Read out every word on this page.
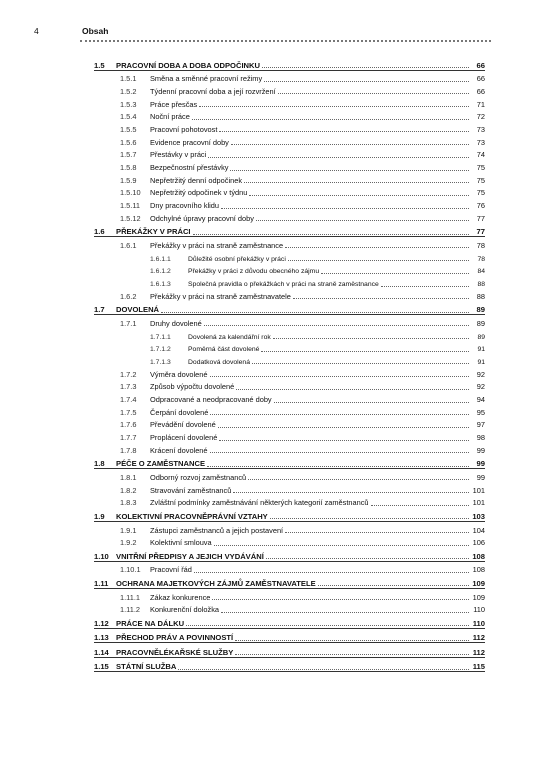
4	Obsah
1.5	PRACOVNÍ DOBA A DOBA ODPOČINKU	66
1.5.1	Směna a směnné pracovní režimy	66
1.5.2	Týdenní pracovní doba a její rozvržení	66
1.5.3	Práce přesčas	71
1.5.4	Noční práce	72
1.5.5	Pracovní pohotovost	73
1.5.6	Evidence pracovní doby	73
1.5.7	Přestávky v práci	74
1.5.8	Bezpečnostní přestávky	75
1.5.9	Nepřetržitý denní odpočinek	75
1.5.10	Nepřetržitý odpočinek v týdnu	75
1.5.11	Dny pracovního klidu	76
1.5.12	Odchylné úpravy pracovní doby	77
1.6	PŘEKÁŽKY V PRÁCI	77
1.6.1	Překážky v práci na straně zaměstnance	78
1.6.1.1	Důležité osobní překážky v práci	78
1.6.1.2	Překážky v práci z důvodu obecného zájmu	84
1.6.1.3	Společná pravidla o překážkách v práci na straně zaměstnance	88
1.6.2	Překážky v práci na straně zaměstnavatele	88
1.7	DOVOLENÁ	89
1.7.1	Druhy dovolené	89
1.7.1.1	Dovolená za kalendářní rok	89
1.7.1.2	Poměrná část dovolené	91
1.7.1.3	Dodatková dovolená	91
1.7.2	Výměra dovolené	92
1.7.3	Způsob výpočtu dovolené	92
1.7.4	Odpracované a neodpracované doby	94
1.7.5	Čerpání dovolené	95
1.7.6	Převádění dovolené	97
1.7.7	Proplácení dovolené	98
1.7.8	Krácení dovolené	99
1.8	PÉČE O ZAMĚSTNANCE	99
1.8.1	Odborný rozvoj zaměstnanců	99
1.8.2	Stravování zaměstnanců	101
1.8.3	Zvláštní podmínky zaměstnávání některých kategorií zaměstnanců	101
1.9	KOLEKTIVNÍ PRACOVNĚPRÁVNÍ VZTAHY	103
1.9.1	Zástupci zaměstnanců a jejich postavení	104
1.9.2	Kolektivní smlouva	106
1.10 VNITŘNÍ PŘEDPISY A JEJICH VYDÁVÁNÍ	108
1.10.1	Pracovní řád	108
1.11	OCHRANA MAJETKOVÝCH ZÁJMŮ ZAMĚSTNAVATELE	109
1.11.1	Zákaz konkurence	109
1.11.2	Konkurenční doložka	110
1.12 PRÁCE NA DÁLKU	110
1.13 PŘECHOD PRÁV A POVINNOSTÍ	112
1.14 PRACOVNĚLÉKAŘSKÉ SLUŽBY	112
1.15 STÁTNÍ SLUŽBA	115
